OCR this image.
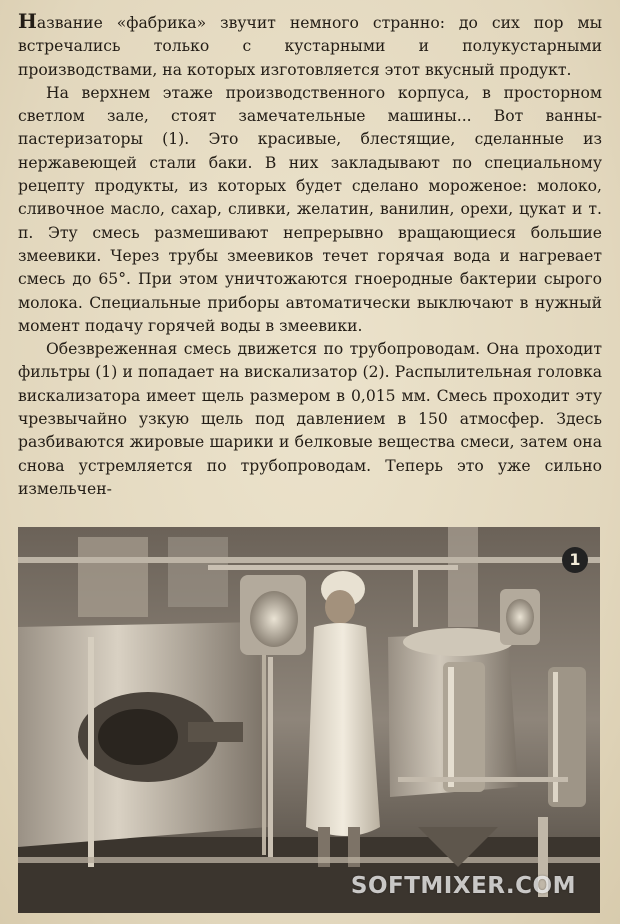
Название «фабрика» звучит немного странно: до сих пор мы встречались только с кустарными и полукустарными производствами, на которых изготовляется этот вкусный продукт.

На верхнем этаже производственного корпуса, в просторном светлом зале, стоят замечательные машины... Вот ванны-пастеризаторы (1). Это красивые, блестящие, сделанные из нержавеющей стали баки. В них закладывают по специальному рецепту продукты, из которых будет сделано мороженое: молоко, сливочное масло, сахар, сливки, желатин, ванилин, орехи, цукат и т. п. Эту смесь размешивают непрерывно вращающиеся большие змеевики. Через трубы змеевиков течет горячая вода и нагревает смесь до 65°. При этом уничтожаются гноеродные бактерии сырого молока. Специальные приборы автоматически выключают в нужный момент подачу горячей воды в змеевики.

Обезвреженная смесь движется по трубопроводам. Она проходит фильтры (1) и попадает на вискализатор (2). Распылительная головка вискализатора имеет щель размером в 0,015 мм. Смесь проходит эту чрезвычайно узкую щель под давлением в 150 атмосфер. Здесь разбиваются жировые шарики и белковые вещества смеси, затем она снова устремляется по трубопроводам. Теперь это уже сильно измельчен-

1
SOFTMIXER.COM
